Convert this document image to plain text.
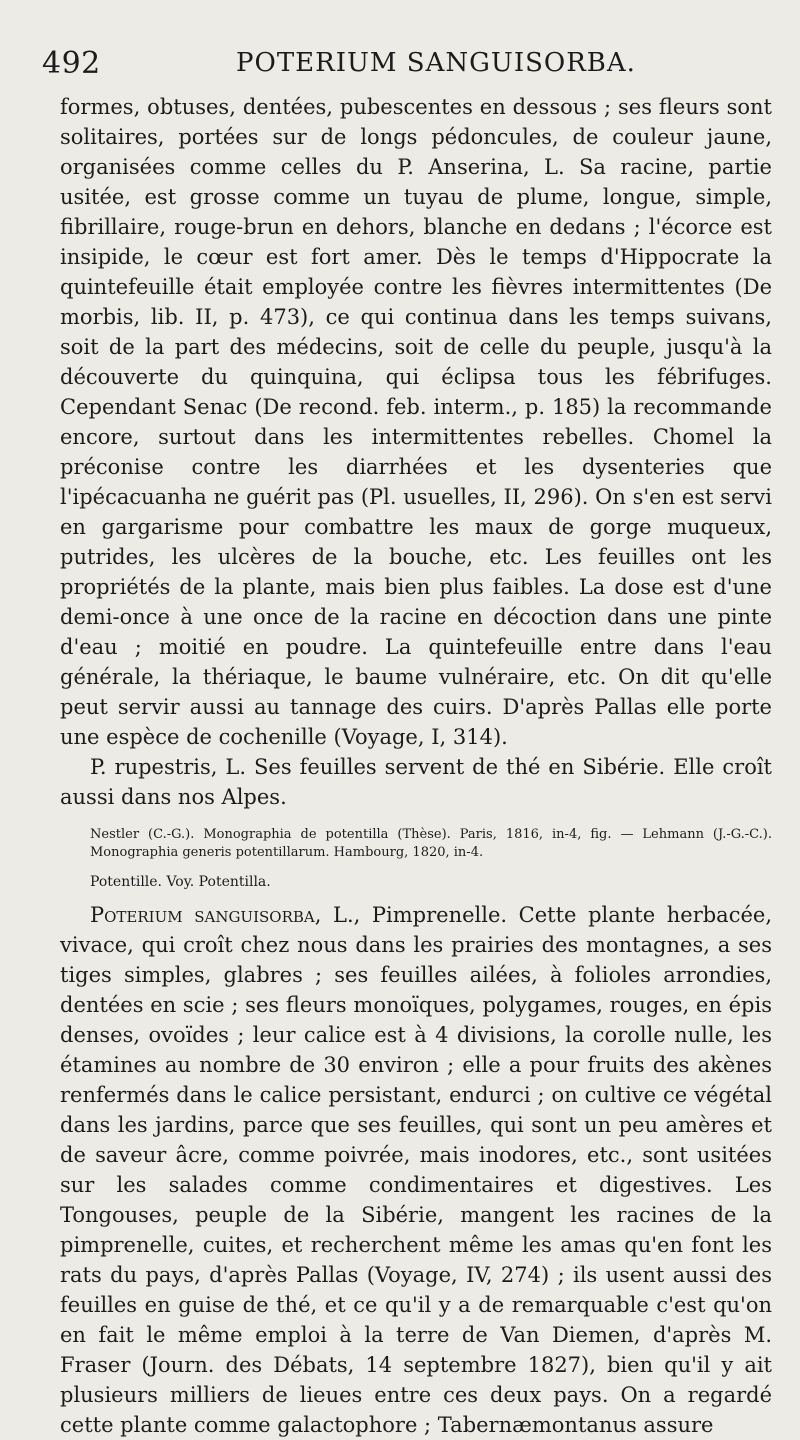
492	POTERIUM SANGUISORBA.

formes, obtuses, dentées, pubescentes en dessous ; ses fleurs sont solitaires, portées sur de longs pédoncules, de couleur jaune, organisées comme celles du P. Anserina, L. Sa racine, partie usitée, est grosse comme un tuyau de plume, longue, simple, fibrillaire, rouge-brun en dehors, blanche en dedans ; l'écorce est insipide, le cœur est fort amer. Dès le temps d'Hippocrate la quintefeuille était employée contre les fièvres intermittentes (De morbis, lib. II, p. 473), ce qui continua dans les temps suivans, soit de la part des médecins, soit de celle du peuple, jusqu'à la découverte du quinquina, qui éclipsa tous les fébrifuges. Cependant Senac (De recond. feb. interm., p. 185) la recommande encore, surtout dans les intermittentes rebelles. Chomel la préconise contre les diarrhées et les dysenteries que l'ipécacuanha ne guérit pas (Pl. usuelles, II, 296). On s'en est servi en gargarisme pour combattre les maux de gorge muqueux, putrides, les ulcères de la bouche, etc. Les feuilles ont les propriétés de la plante, mais bien plus faibles. La dose est d'une demi-once à une once de la racine en décoction dans une pinte d'eau ; moitié en poudre. La quintefeuille entre dans l'eau générale, la thériaque, le baume vulnéraire, etc. On dit qu'elle peut servir aussi au tannage des cuirs. D'après Pallas elle porte une espèce de cochenille (Voyage, I, 314).

P. rupestris, L. Ses feuilles servent de thé en Sibérie. Elle croît aussi dans nos Alpes.

Nestler (C.-G.). Monographia de potentilla (Thèse). Paris, 1816, in-4, fig. — Lehmann (J.-G.-C.). Monographia generis potentillarum. Hambourg, 1820, in-4.

Potentille. Voy. Potentilla.

Poterium sanguisorba, L., Pimprenelle. Cette plante herbacée, vivace, qui croît chez nous dans les prairies des montagnes, a ses tiges simples, glabres ; ses feuilles ailées, à folioles arrondies, dentées en scie ; ses fleurs monoïques, polygames, rouges, en épis denses, ovoïdes ; leur calice est à 4 divisions, la corolle nulle, les étamines au nombre de 30 environ ; elle a pour fruits des akènes renfermés dans le calice persistant, endurci ; on cultive ce végétal dans les jardins, parce que ses feuilles, qui sont un peu amères et de saveur âcre, comme poivrée, mais inodores, etc., sont usitées sur les salades comme condimentaires et digestives. Les Tongouses, peuple de la Sibérie, mangent les racines de la pimprenelle, cuites, et recherchent même les amas qu'en font les rats du pays, d'après Pallas (Voyage, IV, 274) ; ils usent aussi des feuilles en guise de thé, et ce qu'il y a de remarquable c'est qu'on en fait le même emploi à la terre de Van Diemen, d'après M. Fraser (Journ. des Débats, 14 septembre 1827), bien qu'il y ait plusieurs milliers de lieues entre ces deux pays. On a regardé cette plante comme galactophore ; Tabernæmontanus assure
